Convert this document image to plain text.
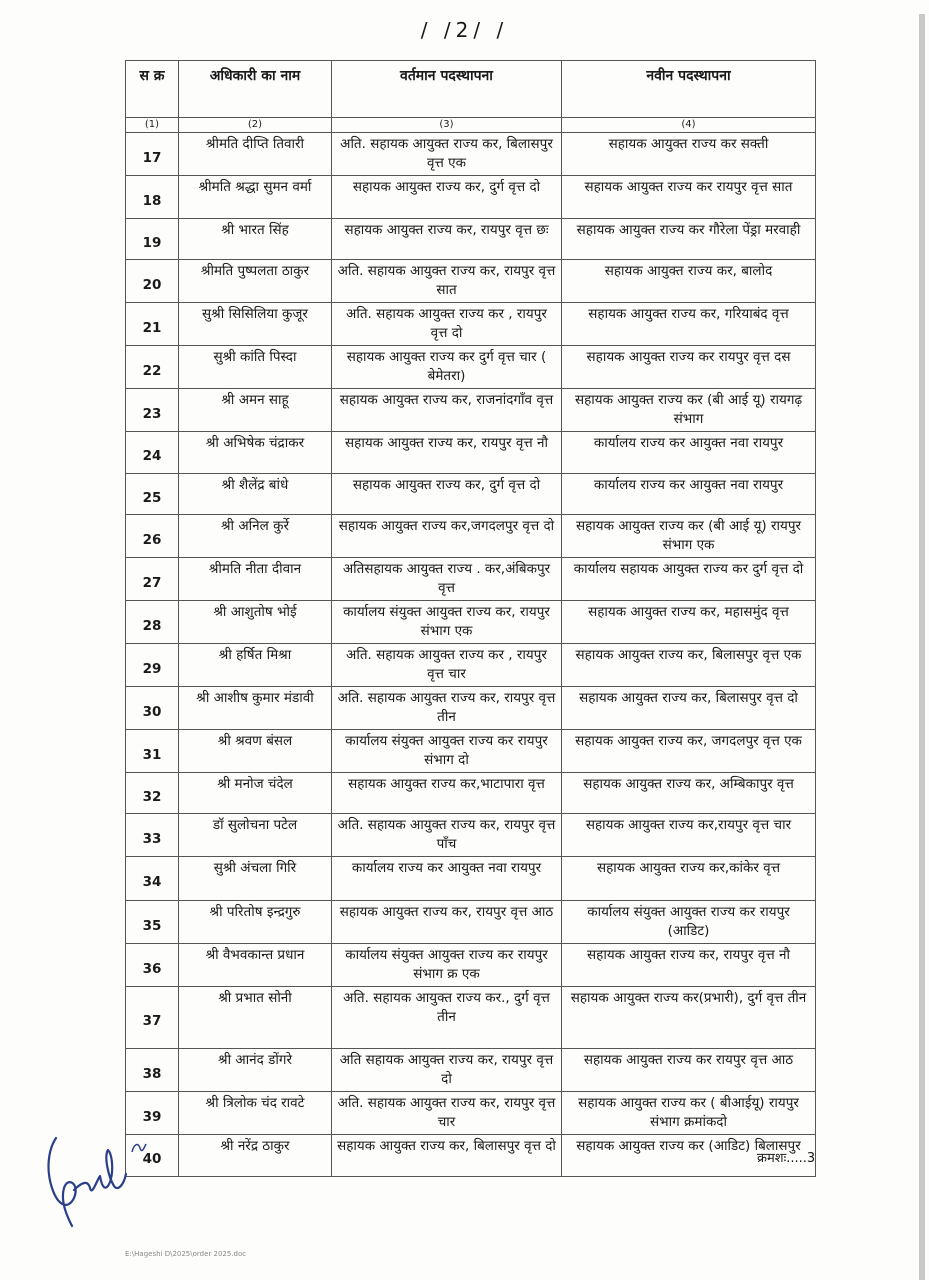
/ /2/ /
स क्र	अधिकारी का नाम	वर्तमान पदस्थापना	नवीन पदस्थापना
(1)	(2)	(3)	(4)
17	श्रीमति दीप्ति तिवारी	अति. सहायक आयुक्त राज्य कर, बिलासपुर वृत्त एक	सहायक आयुक्त राज्य कर सक्ती
18	श्रीमति श्रद्धा सुमन वर्मा	सहायक आयुक्त राज्य कर, दुर्ग वृत्त दो	सहायक आयुक्त राज्य कर रायपुर वृत्त सात
19	श्री भारत सिंह	सहायक आयुक्त राज्य कर, रायपुर वृत्त छः	सहायक आयुक्त राज्य कर गौरेला पेंड्रा मरवाही
20	श्रीमति पुष्पलता ठाकुर	अति. सहायक आयुक्त राज्य कर, रायपुर वृत्त सात	सहायक आयुक्त राज्य कर, बालोद
21	सुश्री सिसिलिया कुजूर	अति. सहायक आयुक्त राज्य कर , रायपुर वृत्त दो	सहायक आयुक्त राज्य कर, गरियाबंद वृत्त
22	सुश्री कांति पिस्दा	सहायक आयुक्त राज्य कर दुर्ग वृत्त चार ( बेमेतरा)	सहायक आयुक्त राज्य कर रायपुर वृत्त दस
23	श्री अमन साहू	सहायक आयुक्त राज्य कर, राजनांदगाँव वृत्त	सहायक आयुक्त राज्य कर (बी आई यू) रायगढ़ संभाग
24	श्री अभिषेक चंद्राकर	सहायक आयुक्त राज्य कर, रायपुर वृत्त नौ	कार्यालय राज्य कर आयुक्त नवा रायपुर
25	श्री शैलेंद्र बांधे	सहायक आयुक्त राज्य कर, दुर्ग वृत्त दो	कार्यालय राज्य कर आयुक्त नवा रायपुर
26	श्री अनिल कुर्रे	सहायक आयुक्त राज्य कर,जगदलपुर वृत्त दो	सहायक आयुक्त राज्य कर (बी आई यू) रायपुर संभाग एक
27	श्रीमति नीता दीवान	अतिसहायक आयुक्त राज्य . कर,अंबिकपुर वृत्त	कार्यालय सहायक आयुक्त राज्य कर दुर्ग वृत्त दो
28	श्री आशुतोष भोई	कार्यालय संयुक्त आयुक्त राज्य कर, रायपुर संभाग एक	सहायक आयुक्त राज्य कर, महासमुंद वृत्त
29	श्री हर्षित मिश्रा	अति. सहायक आयुक्त राज्य कर , रायपुर वृत्त चार	सहायक आयुक्त राज्य कर, बिलासपुर वृत्त एक
30	श्री आशीष कुमार मंडावी	अति. सहायक आयुक्त राज्य कर, रायपुर वृत्त तीन	सहायक आयुक्त राज्य कर, बिलासपुर वृत्त दो
31	श्री श्रवण बंसल	कार्यालय संयुक्त आयुक्त राज्य कर रायपुर संभाग दो	सहायक आयुक्त राज्य कर, जगदलपुर वृत्त एक
32	श्री मनोज चंदेल	सहायक आयुक्त राज्य कर,भाटापारा वृत्त	सहायक आयुक्त राज्य कर, अम्बिकापुर वृत्त
33	डॉ सुलोचना पटेल	अति. सहायक आयुक्त राज्य कर, रायपुर वृत्त पाँच	सहायक आयुक्त राज्य कर,रायपुर वृत्त चार
34	सुश्री अंचला गिरि	कार्यालय राज्य कर आयुक्त नवा रायपुर	सहायक आयुक्त राज्य कर,कांकेर वृत्त
35	श्री परितोष इन्द्रगुरु	सहायक आयुक्त राज्य कर, रायपुर वृत्त आठ	कार्यालय संयुक्त आयुक्त राज्य कर रायपुर (आडिट)
36	श्री वैभवकान्त प्रधान	कार्यालय संयुक्त आयुक्त राज्य कर रायपुर संभाग क्र एक	सहायक आयुक्त राज्य कर, रायपुर वृत्त नौ
37	श्री प्रभात सोनी	अति. सहायक आयुक्त राज्य कर., दुर्ग वृत्त तीन	सहायक आयुक्त राज्य कर(प्रभारी), दुर्ग वृत्त तीन
38	श्री आनंद डोंगरे	अति सहायक आयुक्त राज्य कर, रायपुर वृत्त दो	सहायक आयुक्त राज्य कर रायपुर वृत्त आठ
39	श्री त्रिलोक चंद रावटे	अति. सहायक आयुक्त राज्य कर, रायपुर वृत्त चार	सहायक आयुक्त राज्य कर ( बीआईयू) रायपुर संभाग क्रमांकदो
40	श्री नरेंद्र ठाकुर	सहायक आयुक्त राज्य कर, बिलासपुर वृत्त दो	सहायक आयुक्त राज्य कर (आडिट) बिलासपुर
क्रमशः.....3
E:\Hageshi D\2025\order 2025.doc
